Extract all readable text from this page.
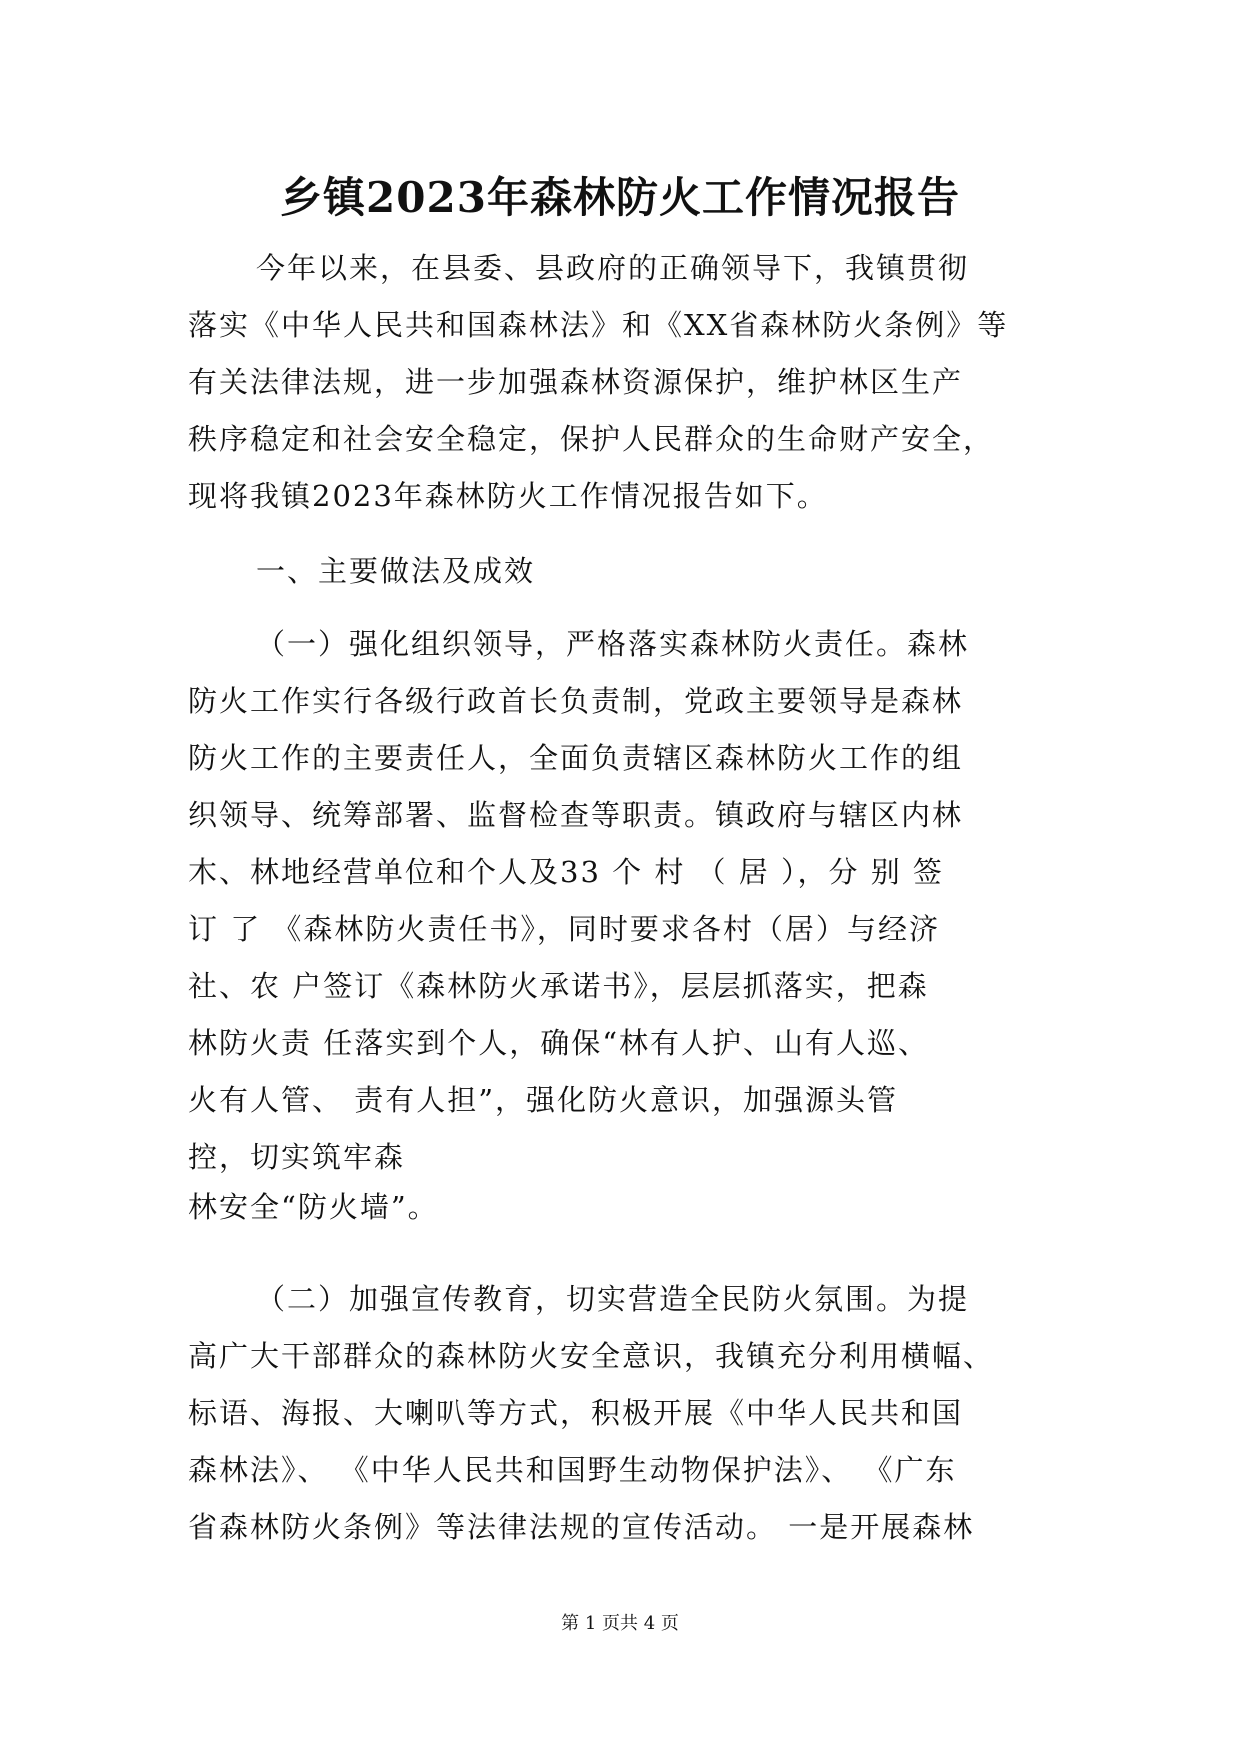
乡镇2023年森林防火工作情况报告
今年以来，在县委、县政府的正确领导下，我镇贯彻
落实《中华人民共和国森林法》和《XX省森林防火条例》等
有关法律法规，进一步加强森林资源保护，维护林区生产
秩序稳定和社会安全稳定，保护人民群众的生命财产安全，
现将我镇2023年森林防火工作情况报告如下。
一、主要做法及成效
（一）强化组织领导，严格落实森林防火责任。森林
防火工作实行各级行政首长负责制，党政主要领导是森林
防火工作的主要责任人，全面负责辖区森林防火工作的组
织领导、统筹部署、监督检查等职责。镇政府与辖区内林
木、林地经营单位和个人及33 个 村 （ 居 ），分 别 签
订 了 《森林防火责任书》，同时要求各村（居）与经济
社、农 户签订《森林防火承诺书》，层层抓落实，把森
林防火责 任落实到个人，确保“林有人护、山有人巡、
火有人管、 责有人担”，强化防火意识，加强源头管
控，切实筑牢森
林安全“防火墙”。
（二）加强宣传教育，切实营造全民防火氛围。为提
高广大干部群众的森林防火安全意识，我镇充分利用横幅、
标语、海报、大喇叭等方式，积极开展《中华人民共和国
森林法》、 《中华人民共和国野生动物保护法》、 《广东
省森林防火条例》等法律法规的宣传活动。 一是开展森林
第 1 页共 4 页
